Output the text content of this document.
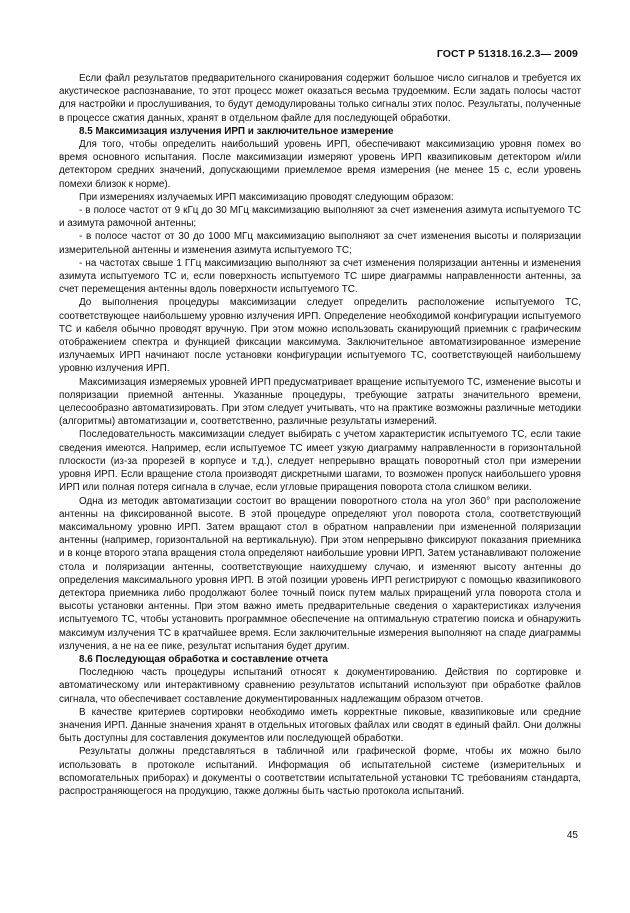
ГОСТ Р 51318.16.2.3— 2009

Если файл результатов предварительного сканирования содержит большое число сигналов и требуется их акустическое распознавание, то этот процесс может оказаться весьма трудоемким. Если задать полосы частот для настройки и прослушивания, то будут демодулированы только сигналы этих полос. Результаты, полученные в процессе сжатия данных, хранят в отдельном файле для последующей обработки.

8.5 Максимизация излучения ИРП и заключительное измерение

Для того, чтобы определить наибольший уровень ИРП, обеспечивают максимизацию уровня помех во время основного испытания. После максимизации измеряют уровень ИРП квазипиковым детектором и/или детектором средних значений, допускающими приемлемое время измерения (не менее 15 с, если уровень помехи близок к норме).

При измерениях излучаемых ИРП максимизацию проводят следующим образом:

- в полосе частот от 9 кГц до 30 МГц максимизацию выполняют за счет изменения азимута испытуемого ТС и азимута рамочной антенны;

- в полосе частот от 30 до 1000 МГц максимизацию выполняют за счет изменения высоты и поляризации измерительной антенны и изменения азимута испытуемого ТС;

- на частотах свыше 1 ГГц максимизацию выполняют за счет изменения поляризации антенны и изменения азимута испытуемого ТС и, если поверхность испытуемого ТС шире диаграммы направленности антенны, за счет перемещения антенны вдоль поверхности испытуемого ТС.

До выполнения процедуры максимизации следует определить расположение испытуемого ТС, соответствующее наибольшему уровню излучения ИРП. Определение необходимой конфигурации испытуемого ТС и кабеля обычно проводят вручную. При этом можно использовать сканирующий приемник с графическим отображением спектра и функцией фиксации максимума. Заключительное автоматизированное измерение излучаемых ИРП начинают после установки конфигурации испытуемого ТС, соответствующей наибольшему уровню излучения ИРП.

Максимизация измеряемых уровней ИРП предусматривает вращение испытуемого ТС, изменение высоты и поляризации приемной антенны. Указанные процедуры, требующие затраты значительного времени, целесообразно автоматизировать. При этом следует учитывать, что на практике возможны различные методики (алгоритмы) автоматизации и, соответственно, различные результаты измерений.

Последовательность максимизации следует выбирать с учетом характеристик испытуемого ТС, если такие сведения имеются. Например, если испытуемое ТС имеет узкую диаграмму направленности в горизонтальной плоскости (из-за прорезей в корпусе и т.д.), следует непрерывно вращать поворотный стол при измерении уровня ИРП. Если вращение стола производят дискретными шагами, то возможен пропуск наибольшего уровня ИРП или полная потеря сигнала в случае, если угловые приращения поворота стола слишком велики.

Одна из методик автоматизации состоит во вращении поворотного стола на угол 360° при расположение антенны на фиксированной высоте. В этой процедуре определяют угол поворота стола, соответствующий максимальному уровню ИРП. Затем вращают стол в обратном направлении при измененной поляризации антенны (например, горизонтальной на вертикальную). При этом непрерывно фиксируют показания приемника и в конце второго этапа вращения стола определяют наибольшие уровни ИРП. Затем устанавливают положение стола и поляризации антенны, соответствующие наихудшему случаю, и изменяют высоту антенны до определения максимального уровня ИРП. В этой позиции уровень ИРП регистрируют с помощью квазипикового детектора приемника либо продолжают более точный поиск путем малых приращений угла поворота стола и высоты установки антенны. При этом важно иметь предварительные сведения о характеристиках излучения испытуемого ТС, чтобы установить программное обеспечение на оптимальную стратегию поиска и обнаружить максимум излучения ТС в кратчайшее время. Если заключительные измерения выполняют на спаде диаграммы излучения, а не на ее пике, результат испытания будет другим.

8.6 Последующая обработка и составление отчета

Последнюю часть процедуры испытаний относят к документированию. Действия по сортировке и автоматическому или интерактивному сравнению результатов испытаний используют при обработке файлов сигнала, что обеспечивает составление документированных надлежащим образом отчетов.

В качестве критериев сортировки необходимо иметь корректные пиковые, квазипиковые или средние значения ИРП. Данные значения хранят в отдельных итоговых файлах или сводят в единый файл. Они должны быть доступны для составления документов или последующей обработки.

Результаты должны представляться в табличной или графической форме, чтобы их можно было использовать в протоколе испытаний. Информация об испытательной системе (измерительных и вспомогательных приборах) и документы о соответствии испытательной установки ТС требованиям стандарта, распространяющегося на продукцию, также должны быть частью протокола испытаний.

45
